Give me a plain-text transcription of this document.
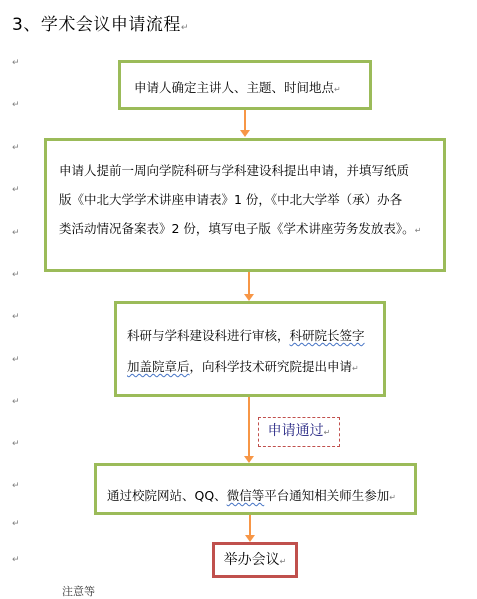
3、学术会议申请流程↵
↵
↵
↵
↵
↵
↵
↵
↵
↵
↵
↵
↵
↵
申请人确定主讲人、主题、时间地点↵
申请人提前一周向学院科研与学科建设科提出申请，并填写纸质
版《中北大学学术讲座申请表》1 份，《中北大学举（承）办各
类活动情况备案表》2 份，填写电子版《学术讲座劳务发放表》。↵
科研与学科建设科进行审核，科研院长签字
加盖院章后，向科学技术研究院提出申请↵
申请通过↵
通过校院网站、QQ、微信等平台通知相关师生参加↵
举办会议↵
注意等
